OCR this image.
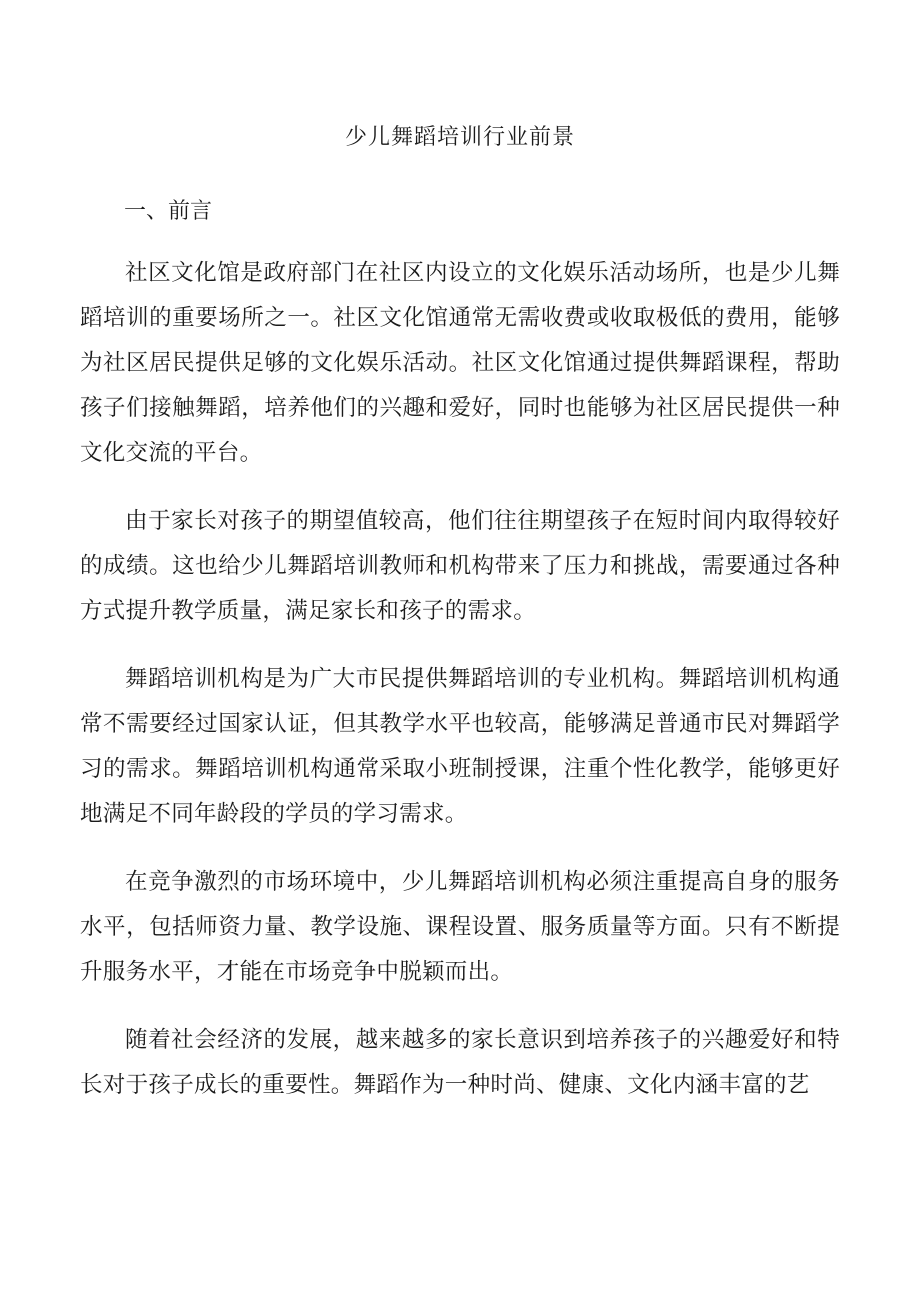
少儿舞蹈培训行业前景
一、前言

社区文化馆是政府部门在社区内设立的文化娱乐活动场所，也是少儿舞蹈培训的重要场所之一。社区文化馆通常无需收费或收取极低的费用，能够为社区居民提供足够的文化娱乐活动。社区文化馆通过提供舞蹈课程，帮助孩子们接触舞蹈，培养他们的兴趣和爱好，同时也能够为社区居民提供一种文化交流的平台。

由于家长对孩子的期望值较高，他们往往期望孩子在短时间内取得较好的成绩。这也给少儿舞蹈培训教师和机构带来了压力和挑战，需要通过各种方式提升教学质量，满足家长和孩子的需求。

舞蹈培训机构是为广大市民提供舞蹈培训的专业机构。舞蹈培训机构通常不需要经过国家认证，但其教学水平也较高，能够满足普通市民对舞蹈学习的需求。舞蹈培训机构通常采取小班制授课，注重个性化教学，能够更好地满足不同年龄段的学员的学习需求。

在竞争激烈的市场环境中，少儿舞蹈培训机构必须注重提高自身的服务水平，包括师资力量、教学设施、课程设置、服务质量等方面。只有不断提升服务水平，才能在市场竞争中脱颖而出。

随着社会经济的发展，越来越多的家长意识到培养孩子的兴趣爱好和特长对于孩子成长的重要性。舞蹈作为一种时尚、健康、文化内涵丰富的艺
